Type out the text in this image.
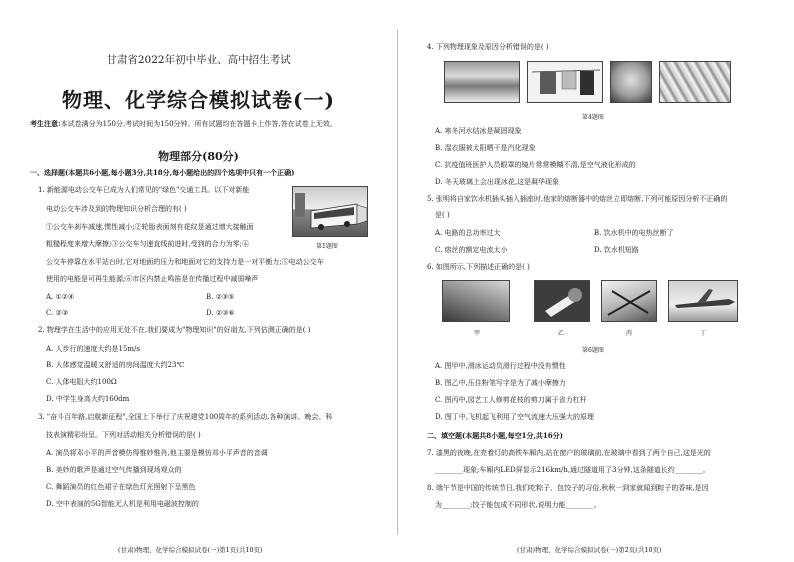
甘肃省2022年初中毕业、高中招生考试
物理、化学综合模拟试卷(一)
考生注意:本试卷满分为150分,考试时间为150分钟。所有试题均在答题卡上作答,答在试卷上无效。
物理部分(80分)
一、选择题(本题共6小题,每小题3分,共18分,每小题给出的四个选项中只有一个正确)
1. 新能源电动公交车已成为人们常见的"绿色"交通工具。以下对新能
电动公交车涉及到的物理知识分析合理的有( )
①公交车刹车减速,惯性减小;②轮胎表面刻有花纹是通过增大接触面
粗糙程度来增大摩擦;③公交车匀速直线前进时,受到的合力为零;④
公交车停靠在水平站台时,它对地面的压力和地面对它的支持力是一对平衡力;⑤电动公交车
使用的电能是可再生能源;⑥市区内禁止鸣笛是在传播过程中减弱噪声
第1题图
A. ①②④	B. ②③⑤
C. ②③	D. ②③⑥
2. 物理学在生活中的应用无处不在,我们要成为"物理知识"的好朋友,下列估测正确的是( )
A. 人步行的速度大约是15m/s
B. 人体感觉温暖又舒适的房间温度大约23℃
C. 人体电阻大约100Ω
D. 中学生身高大约160dm
3. "奋斗百年路,启航新征程",全国上下举行了庆祝建党100周年的系列活动,各种演讲、晚会、科
技表演精彩纷呈。下列对活动相关分析错误的是( )
A. 演员将邓小平的声音模仿得惟妙惟肖,他主要是模仿邓小平声音的音调
B. 美妙的歌声是通过空气传播到现场观众的
C. 舞蹈演员的红色裙子在绿色灯光照射下呈黑色
D. 空中表演的5G智能无人机是利用电磁波控制的
(甘肃)物理、化学综合模拟试卷(一)第1页(共10页)
4. 下列物理现象及原因分析错误的是( )
第4题图
A. 寒冬河水结冰是凝固现象
B. 湿衣服被太阳晒干是汽化现象
C. 抗疫值班医护人员眼罩的镜片常常模糊不清,是空气液化形成的
D. 冬天玻璃上会出现冰花,这是凝华现象
5. 张明将自家饮水机插头插入插座时,他家的熔断器中的熔丝立即熔断,下列可能原因分析不正确的
是( )
A. 电路的总功率过大	B. 饮水机中的电热丝断了
C. 熔丝的额定电流太小	D. 饮水机短路
6. 如图所示,下列描述正确的是( )
甲	乙	丙	丁
第6题图
A. 图甲中,滑冰运动员滑行过程中没有惯性
B. 图乙中,压住粉笔写字是为了减小摩擦力
C. 图丙中,园艺工人修剪花枝的剪刀属于省力杠杆
D. 图丁中,飞机起飞利用了空气流速大压强大的原理
二、填空题(本题共8小题,每空1分,共16分)
7. 漆黑的夜晚,在亮着灯的高铁车厢内,站在窗户的玻璃前,在玻璃中看到了两个自己,这是光的
________现象;车厢内LED屏显示216km/h,通过隧道用了3分钟,这条隧道长约________。
8. 端午节是中国的传统节日,我们吃粽子、包饺子的习俗,秋秋一到家就闻到粽子的香味,是因
为________;饺子能包成不同形状,说明力能________。
(甘肃)物理、化学综合模拟试卷(一)第2页(共10页)
